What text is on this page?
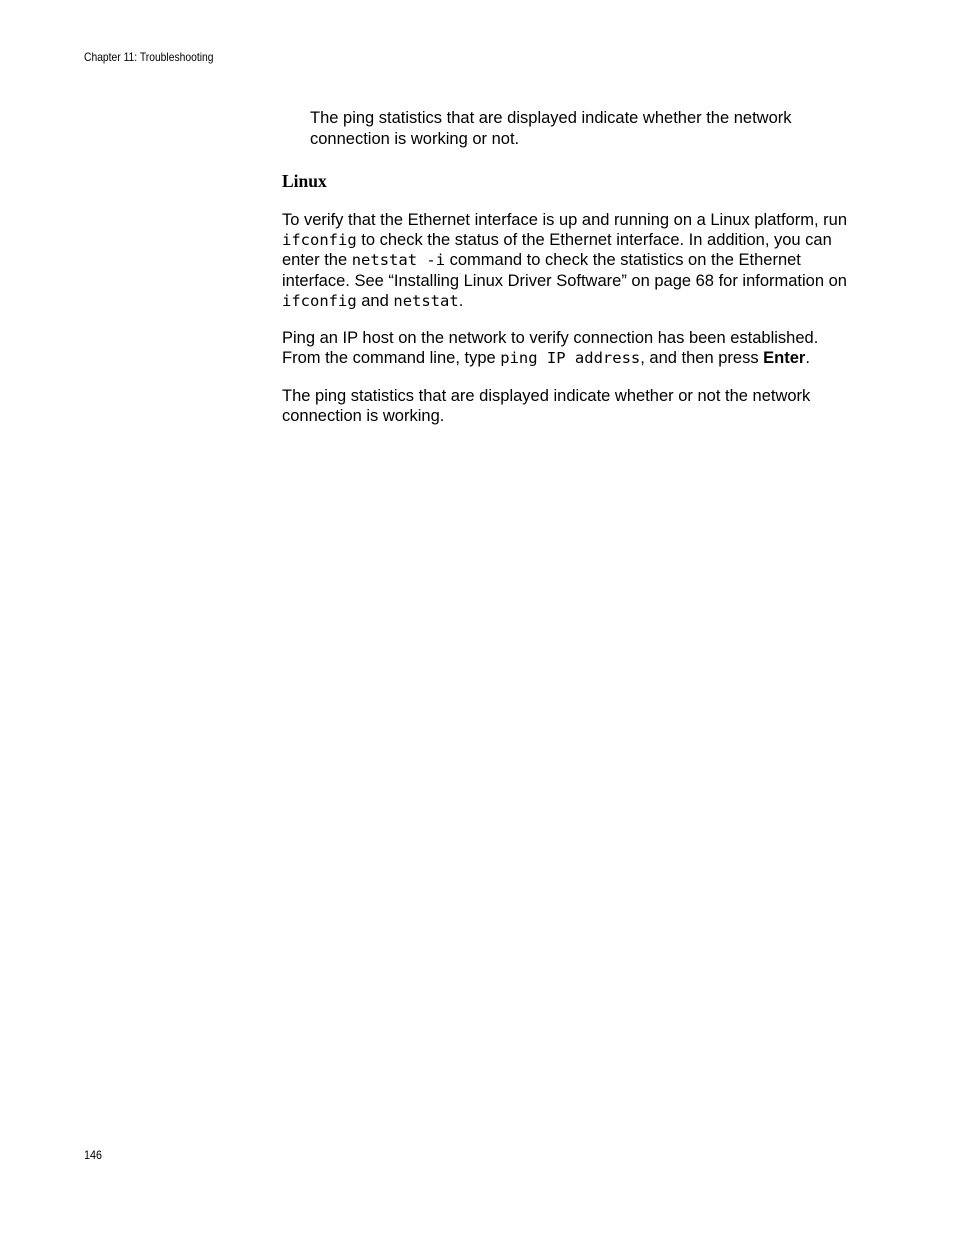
Chapter 11: Troubleshooting

The ping statistics that are displayed indicate whether the network connection is working or not.

Linux

To verify that the Ethernet interface is up and running on a Linux platform, run ifconfig to check the status of the Ethernet interface. In addition, you can enter the netstat -i command to check the statistics on the Ethernet interface. See “Installing Linux Driver Software” on page 68 for information on ifconfig and netstat.

Ping an IP host on the network to verify connection has been established. From the command line, type ping IP address, and then press Enter.

The ping statistics that are displayed indicate whether or not the network connection is working.

146
